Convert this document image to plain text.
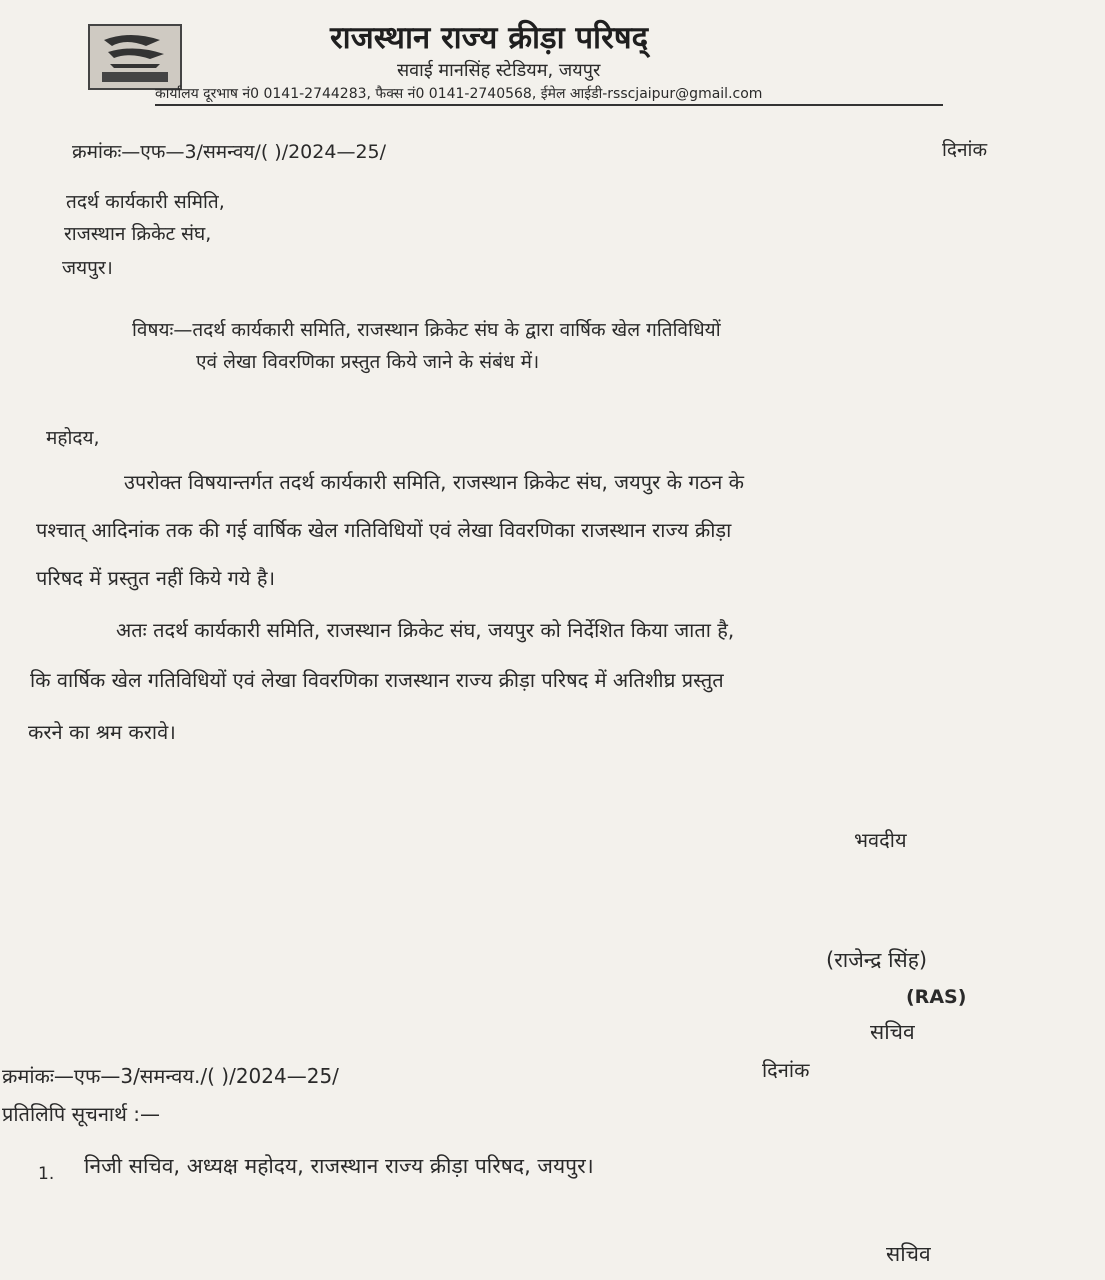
राजस्थान राज्य क्रीड़ा परिषद्
सवाई मानसिंह स्टेडियम, जयपुर
कार्यालय दूरभाष नं0 0141-2744283, फैक्स नं0 0141-2740568, ईमेल आईडी-rsscjaipur@gmail.com
क्रमांकः—एफ—3/समन्वय/( )/2024—25/	दिनांक
तदर्थ कार्यकारी समिति,
राजस्थान क्रिकेट संघ,
जयपुर।
विषयः—तदर्थ कार्यकारी समिति, राजस्थान क्रिकेट संघ के द्वारा वार्षिक खेल गतिविधियों
एवं लेखा विवरणिका प्रस्तुत किये जाने के संबंध में।
महोदय,
उपरोक्त विषयान्तर्गत तदर्थ कार्यकारी समिति, राजस्थान क्रिकेट संघ, जयपुर के गठन के
पश्चात् आदिनांक तक की गई वार्षिक खेल गतिविधियों एवं लेखा विवरणिका राजस्थान राज्य क्रीड़ा
परिषद में प्रस्तुत नहीं किये गये है।
अतः तदर्थ कार्यकारी समिति, राजस्थान क्रिकेट संघ, जयपुर को निर्देशित किया जाता है,
कि वार्षिक खेल गतिविधियों एवं लेखा विवरणिका राजस्थान राज्य क्रीड़ा परिषद में अतिशीघ्र प्रस्तुत
करने का श्रम करावे।
भवदीय
(राजेन्द्र सिंह)
(RAS)
सचिव
क्रमांकः—एफ—3/समन्वय./( )/2024—25/	दिनांक
प्रतिलिपि सूचनार्थ :—
1. निजी सचिव, अध्यक्ष महोदय, राजस्थान राज्य क्रीड़ा परिषद, जयपुर।
सचिव
